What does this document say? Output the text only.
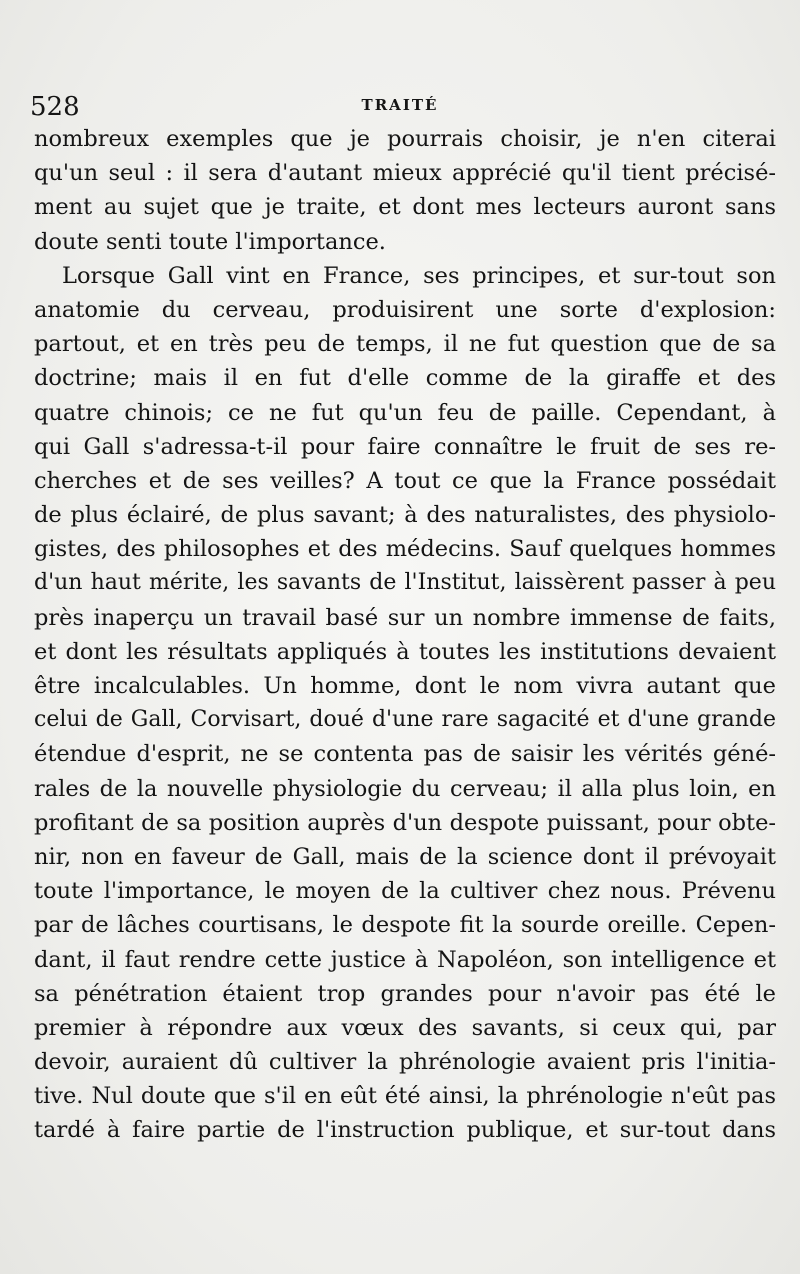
528	TRAITÉ
nombreux exemples que je pourrais choisir, je n'en citerai
qu'un seul : il sera d'autant mieux apprécié qu'il tient précisé-
ment au sujet que je traite, et dont mes lecteurs auront sans
doute senti toute l'importance.
Lorsque Gall vint en France, ses principes, et sur-tout son
anatomie du cerveau, produisirent une sorte d'explosion:
partout, et en très peu de temps, il ne fut question que de sa
doctrine; mais il en fut d'elle comme de la giraffe et des
quatre chinois; ce ne fut qu'un feu de paille. Cependant, à
qui Gall s'adressa-t-il pour faire connaître le fruit de ses re-
cherches et de ses veilles? A tout ce que la France possédait
de plus éclairé, de plus savant; à des naturalistes, des physiolo-
gistes, des philosophes et des médecins. Sauf quelques hommes
d'un haut mérite, les savants de l'Institut, laissèrent passer à peu
près inaperçu un travail basé sur un nombre immense de faits,
et dont les résultats appliqués à toutes les institutions devaient
être incalculables. Un homme, dont le nom vivra autant que
celui de Gall, Corvisart, doué d'une rare sagacité et d'une grande
étendue d'esprit, ne se contenta pas de saisir les vérités géné-
rales de la nouvelle physiologie du cerveau; il alla plus loin, en
profitant de sa position auprès d'un despote puissant, pour obte-
nir, non en faveur de Gall, mais de la science dont il prévoyait
toute l'importance, le moyen de la cultiver chez nous. Prévenu
par de lâches courtisans, le despote fit la sourde oreille. Cepen-
dant, il faut rendre cette justice à Napoléon, son intelligence et
sa pénétration étaient trop grandes pour n'avoir pas été le
premier à répondre aux vœux des savants, si ceux qui, par
devoir, auraient dû cultiver la phrénologie avaient pris l'initia-
tive. Nul doute que s'il en eût été ainsi, la phrénologie n'eût pas
tardé à faire partie de l'instruction publique, et sur-tout dans
